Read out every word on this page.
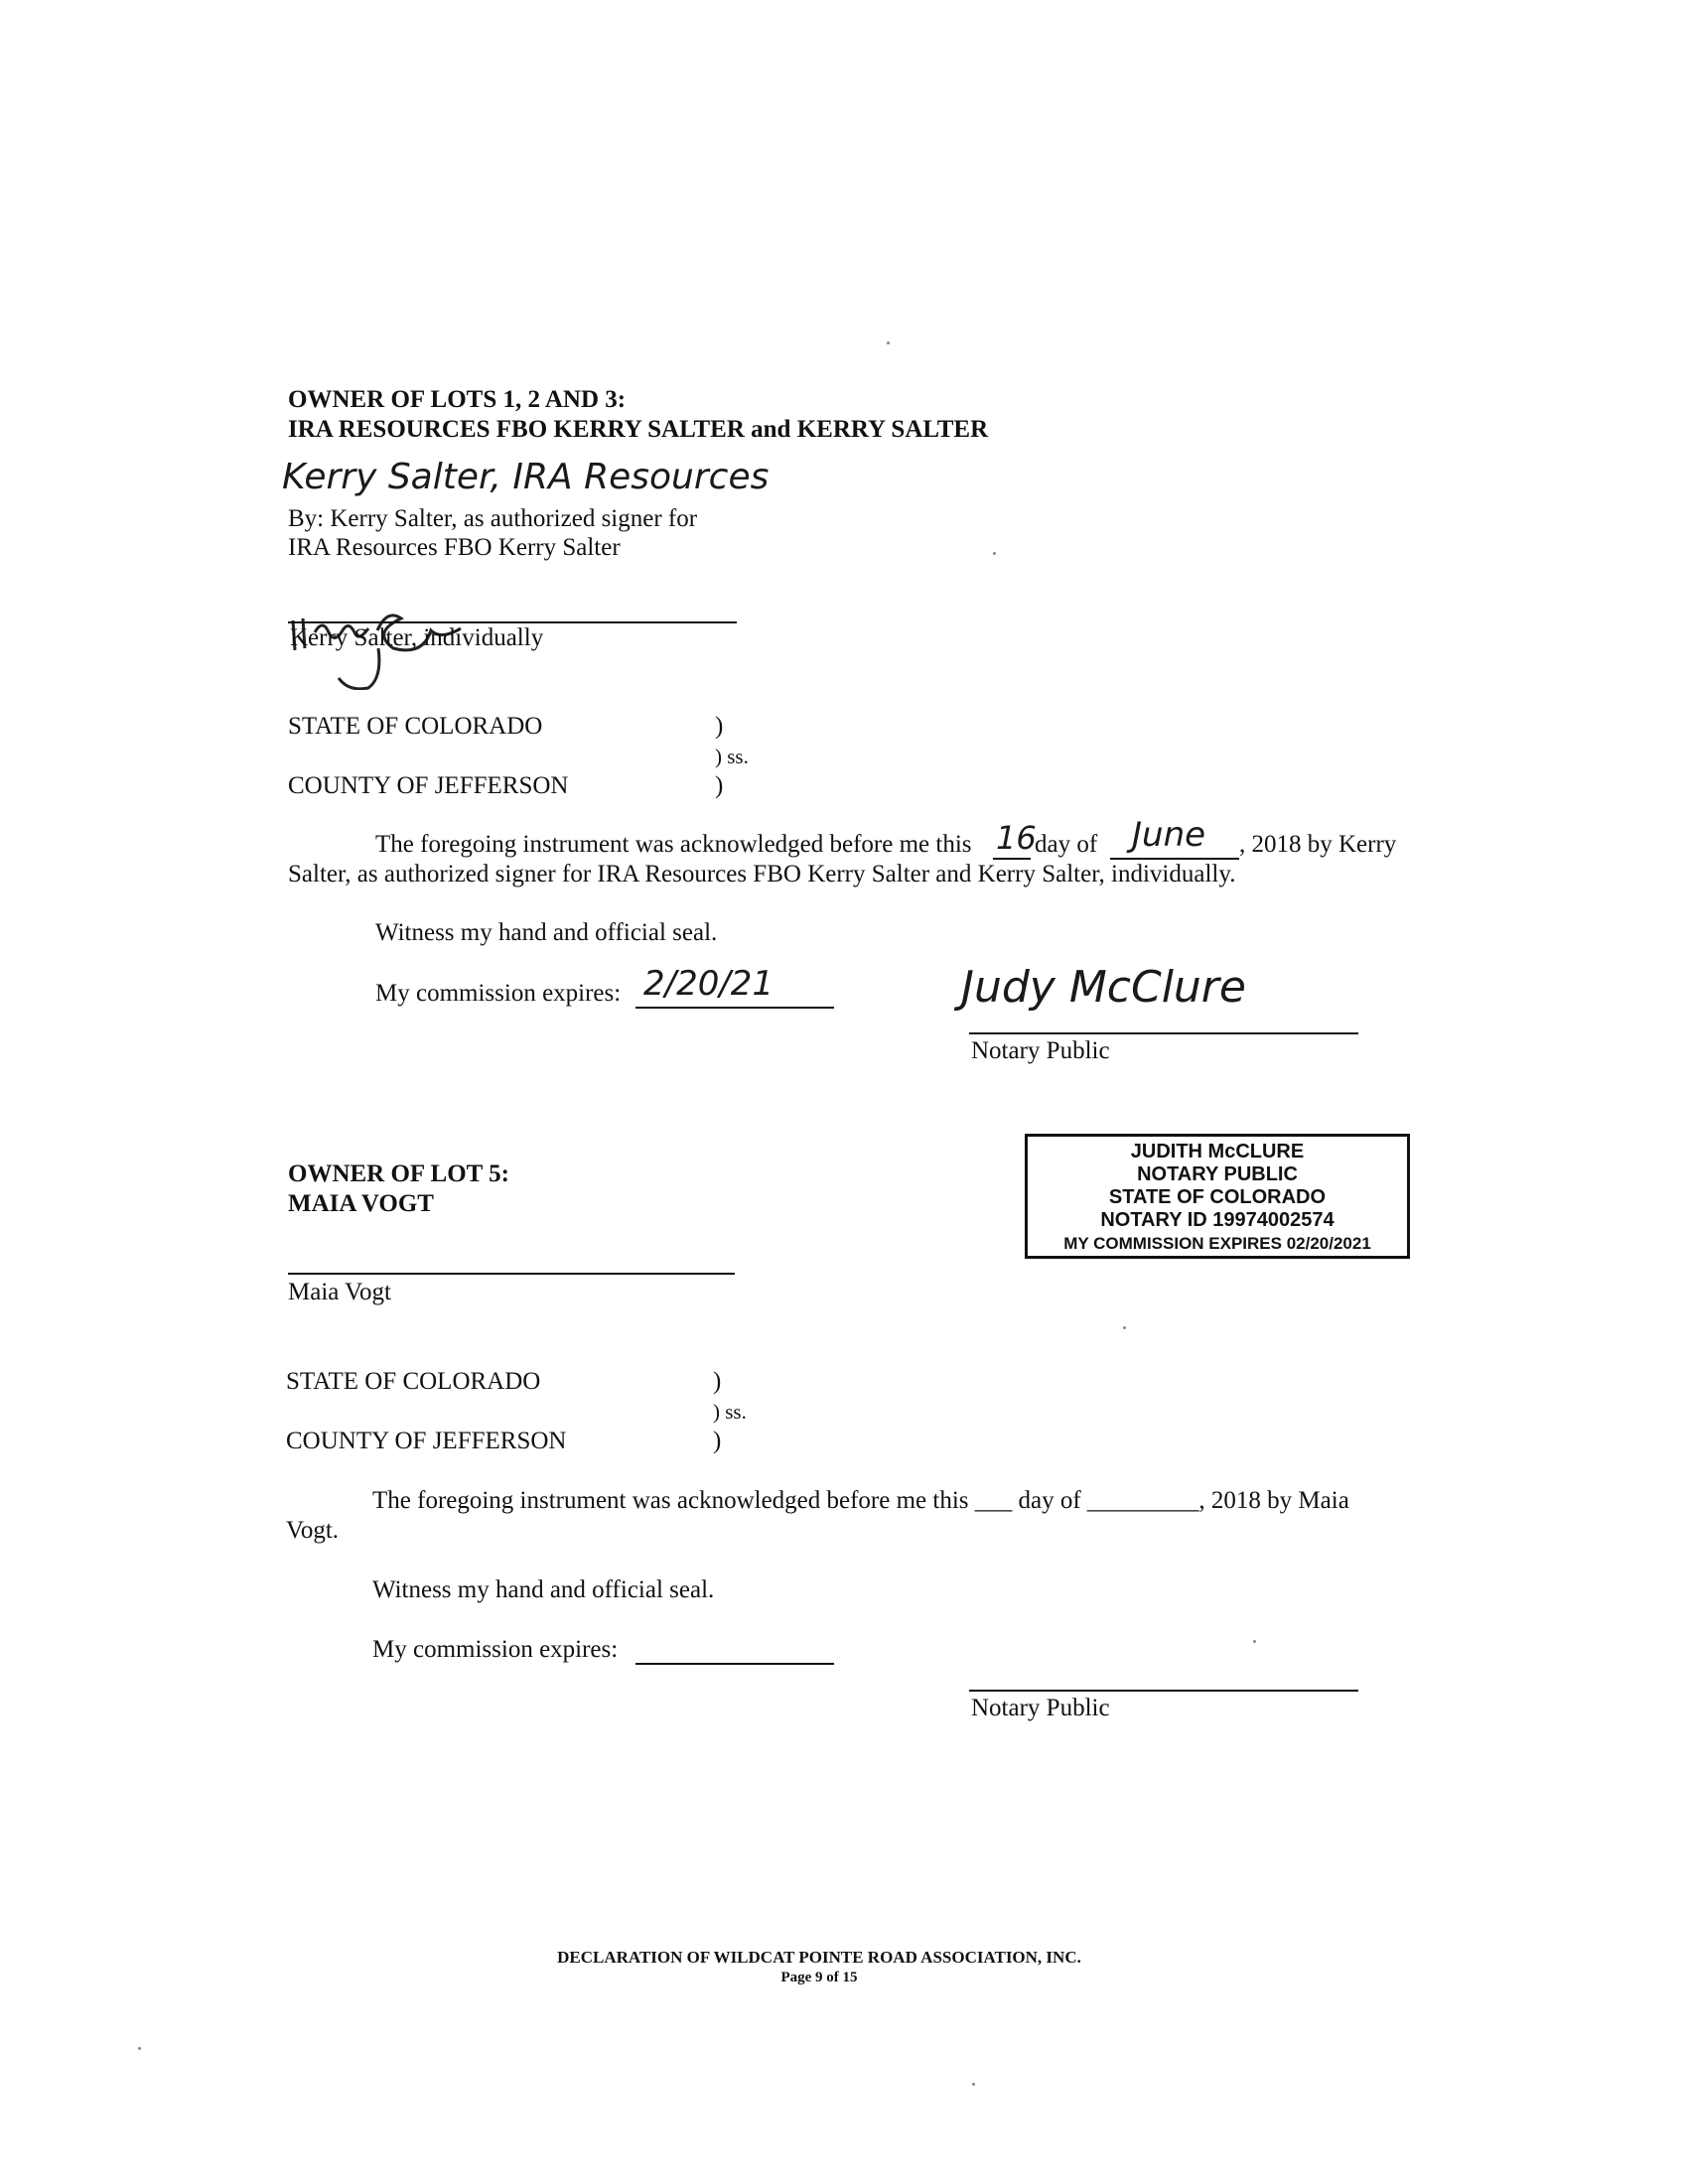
OWNER OF LOTS 1, 2 AND 3:
IRA RESOURCES FBO KERRY SALTER and KERRY SALTER
Kerry Salter, IRA Resources
By: Kerry Salter, as authorized signer for
IRA Resources FBO Kerry Salter
Kerry Salter, individually
STATE OF COLORADO	)
) ss.
COUNTY OF JEFFERSON	)
The foregoing instrument was acknowledged before me this 16
day of June , 2018 by Kerry
Salter, as authorized signer for IRA Resources FBO Kerry Salter and Kerry Salter, individually.
Witness my hand and official seal.
My commission expires: 2/20/21	Judy McClure
Notary Public
JUDITH McCLURE
NOTARY PUBLIC
STATE OF COLORADO
NOTARY ID 19974002574
MY COMMISSION EXPIRES 02/20/2021
OWNER OF LOT 5:
MAIA VOGT
Maia Vogt
STATE OF COLORADO	)
) ss.
COUNTY OF JEFFERSON	)
The foregoing instrument was acknowledged before me this ___ day of _________, 2018 by Maia
Vogt.
Witness my hand and official seal.
My commission expires:
Notary Public
DECLARATION OF WILDCAT POINTE ROAD ASSOCIATION, INC.
Page 9 of 15
